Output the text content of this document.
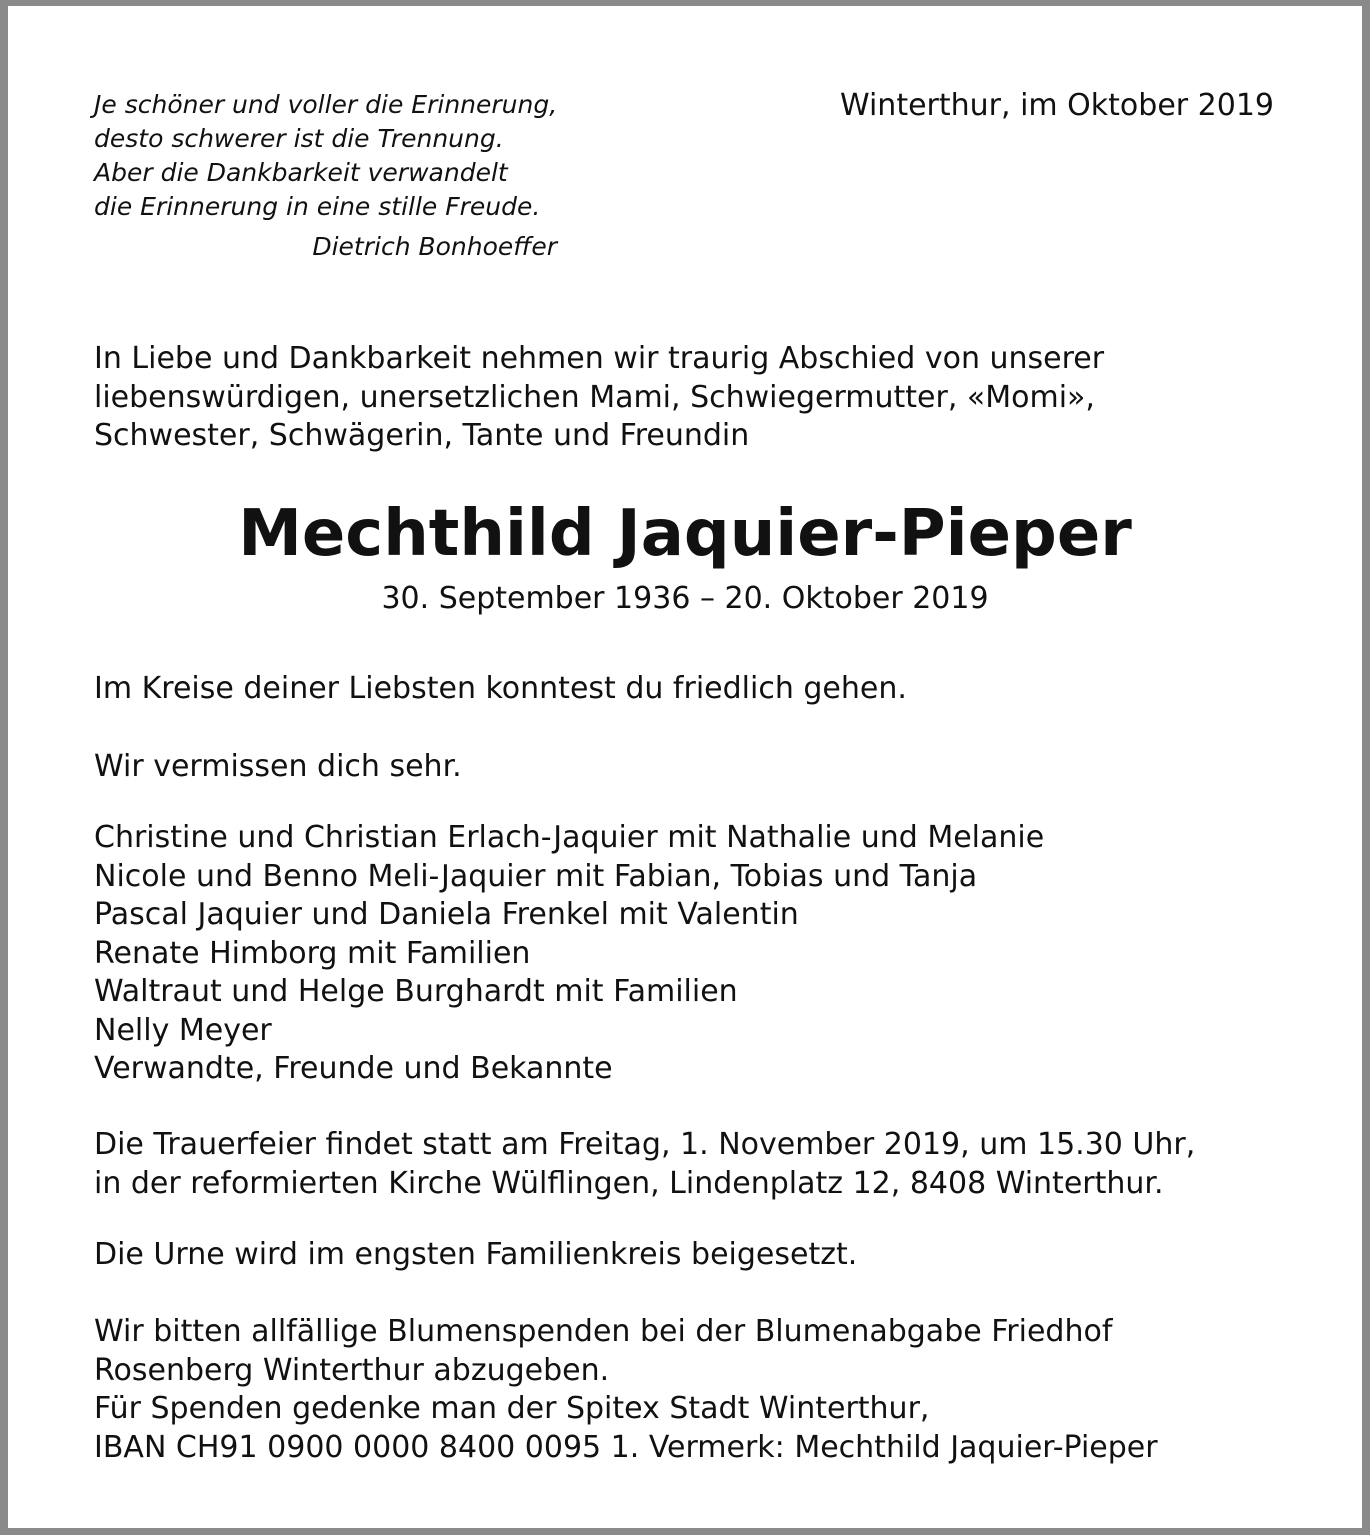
Je schöner und voller die Erinnerung,
desto schwerer ist die Trennung.
Aber die Dankbarkeit verwandelt
die Erinnerung in eine stille Freude.
Dietrich Bonhoeffer
Winterthur, im Oktober 2019
In Liebe und Dankbarkeit nehmen wir traurig Abschied von unserer
liebenswürdigen, unersetzlichen Mami, Schwiegermutter, «Momi»,
Schwester, Schwägerin, Tante und Freundin
Mechthild Jaquier-Pieper
30. September 1936 – 20. Oktober 2019
Im Kreise deiner Liebsten konntest du friedlich gehen.
Wir vermissen dich sehr.
Christine und Christian Erlach-Jaquier mit Nathalie und Melanie
Nicole und Benno Meli-Jaquier mit Fabian, Tobias und Tanja
Pascal Jaquier und Daniela Frenkel mit Valentin
Renate Himborg mit Familien
Waltraut und Helge Burghardt mit Familien
Nelly Meyer
Verwandte, Freunde und Bekannte
Die Trauerfeier findet statt am Freitag, 1. November 2019, um 15.30 Uhr,
in der reformierten Kirche Wülflingen, Lindenplatz 12, 8408 Winterthur.
Die Urne wird im engsten Familienkreis beigesetzt.
Wir bitten allfällige Blumenspenden bei der Blumenabgabe Friedhof
Rosenberg Winterthur abzugeben.
Für Spenden gedenke man der Spitex Stadt Winterthur,
IBAN CH91 0900 0000 8400 0095 1. Vermerk: Mechthild Jaquier-Pieper
